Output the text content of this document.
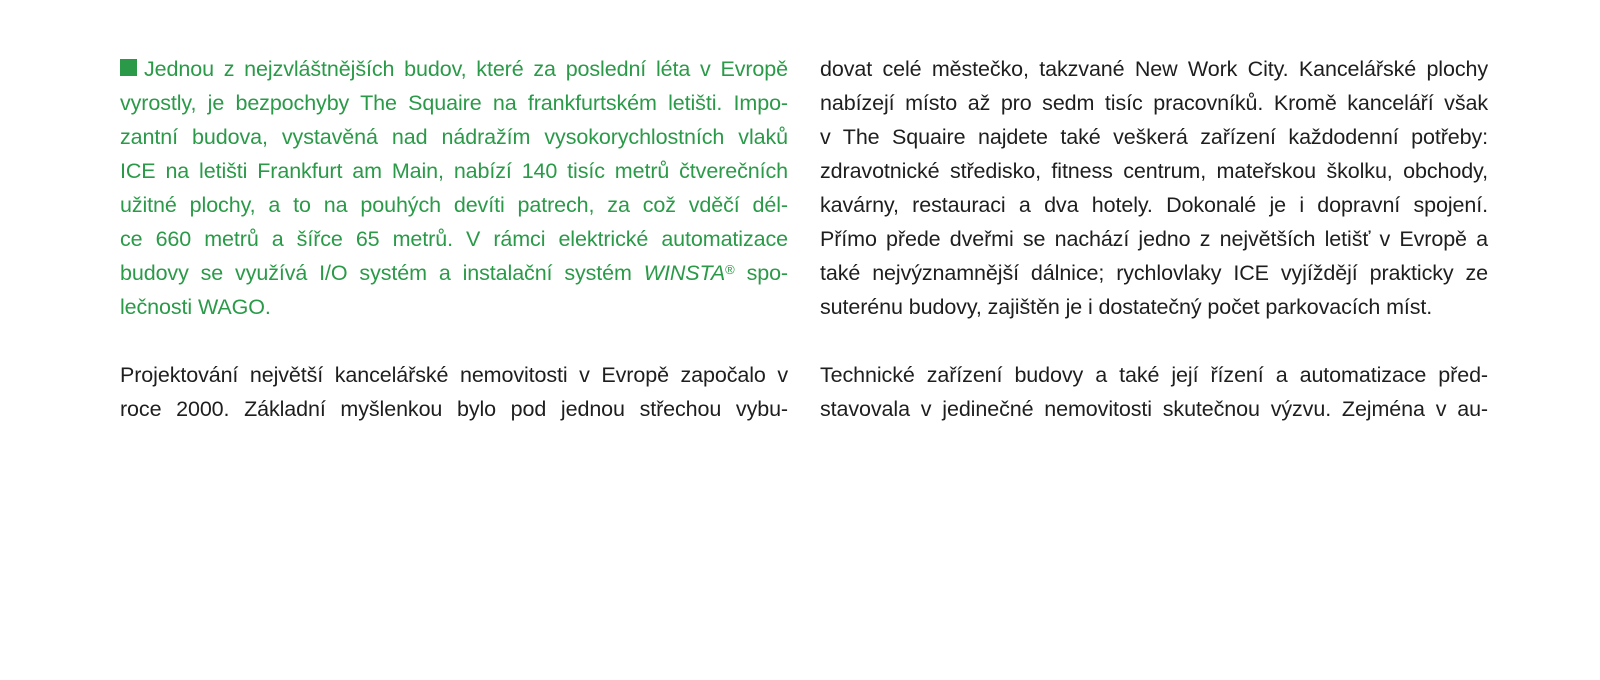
Jednou z nejzvláštnějších budov, které za poslední léta v Evropě
vyrostly, je bezpochyby The Squaire na frankfurtském letišti. Impo-
zantní budova, vystavěná nad nádražím vysokorychlostních vlaků
ICE na letišti Frankfurt am Main, nabízí 140 tisíc metrů čtverečních
užitné plochy, a to na pouhých devíti patrech, za což vděčí dél-
ce 660 metrů a šířce 65 metrů. V rámci elektrické automatizace
budovy se využívá I/O systém a instalační systém WINSTA® spo-
lečnosti WAGO.
Projektování největší kancelářské nemovitosti v Evropě započalo v
roce 2000. Základní myšlenkou bylo pod jednou střechou vybu-
dovat celé městečko, takzvané New Work City. Kancelářské plochy
nabízejí místo až pro sedm tisíc pracovníků. Kromě kanceláří však
v The Squaire najdete také veškerá zařízení každodenní potřeby:
zdravotnické středisko, fitness centrum, mateřskou školku, obchody,
kavárny, restauraci a dva hotely. Dokonalé je i dopravní spojení.
Přímo přede dveřmi se nachází jedno z největších letišť v Evropě a
také nejvýznamnější dálnice; rychlovlaky ICE vyjíždějí prakticky ze
suterénu budovy, zajištěn je i dostatečný počet parkovacích míst.
Technické zařízení budovy a také její řízení a automatizace před-
stavovala v jedinečné nemovitosti skutečnou výzvu. Zejména v au-
